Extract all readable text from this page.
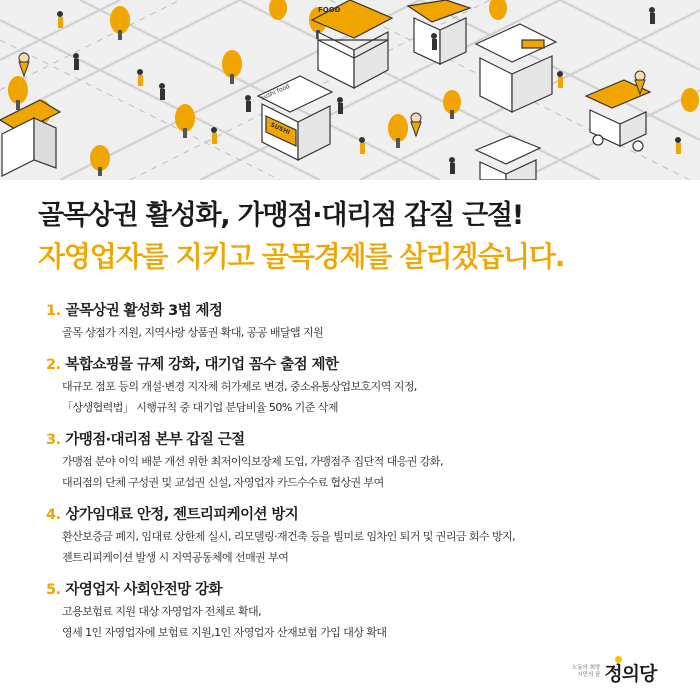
FOOD
sushi food
SUSHI
골목상권 활성화, 가맹점·대리점 갑질 근절!
자영업자를 지키고 골목경제를 살리겠습니다.
1. 골목상권 활성화 3법 제정
골목 상점가 지원, 지역사랑 상품권 확대, 공공 배달앱 지원
2. 복합쇼핑몰 규제 강화, 대기업 꼼수 출점 제한
대규모 점포 등의 개설·변경 지자체 허가제로 변경, 중소유통상업보호지역 지정,
「상생협력법」 시행규칙 중 대기업 분담비율 50% 기준 삭제
3. 가맹점·대리점 본부 갑질 근절
가맹점 분야 이익 배분 개선 위한 최저이익보장제 도입, 가맹점주 집단적 대응권 강화,
대리점의 단체 구성권 및 교섭권 신설, 자영업자 카드수수료 협상권 부여
4. 상가임대료 안정, 젠트리피케이션 방지
환산보증금 폐지, 임대료 상한제 실시, 리모델링·재건축 등을 빌미로 임차인 퇴거 및 권리금 회수 방지,
젠트리피케이션 발생 시 지역공동체에 선매권 부여
5. 자영업자 사회안전망 강화
고용보험료 지원 대상 자영업자 전체로 확대,
영세 1인 자영업자에 보험료 지원,1인 자영업자 산재보험 가입 대상 확대
노동의 희망
시민의 꿈 정의당
